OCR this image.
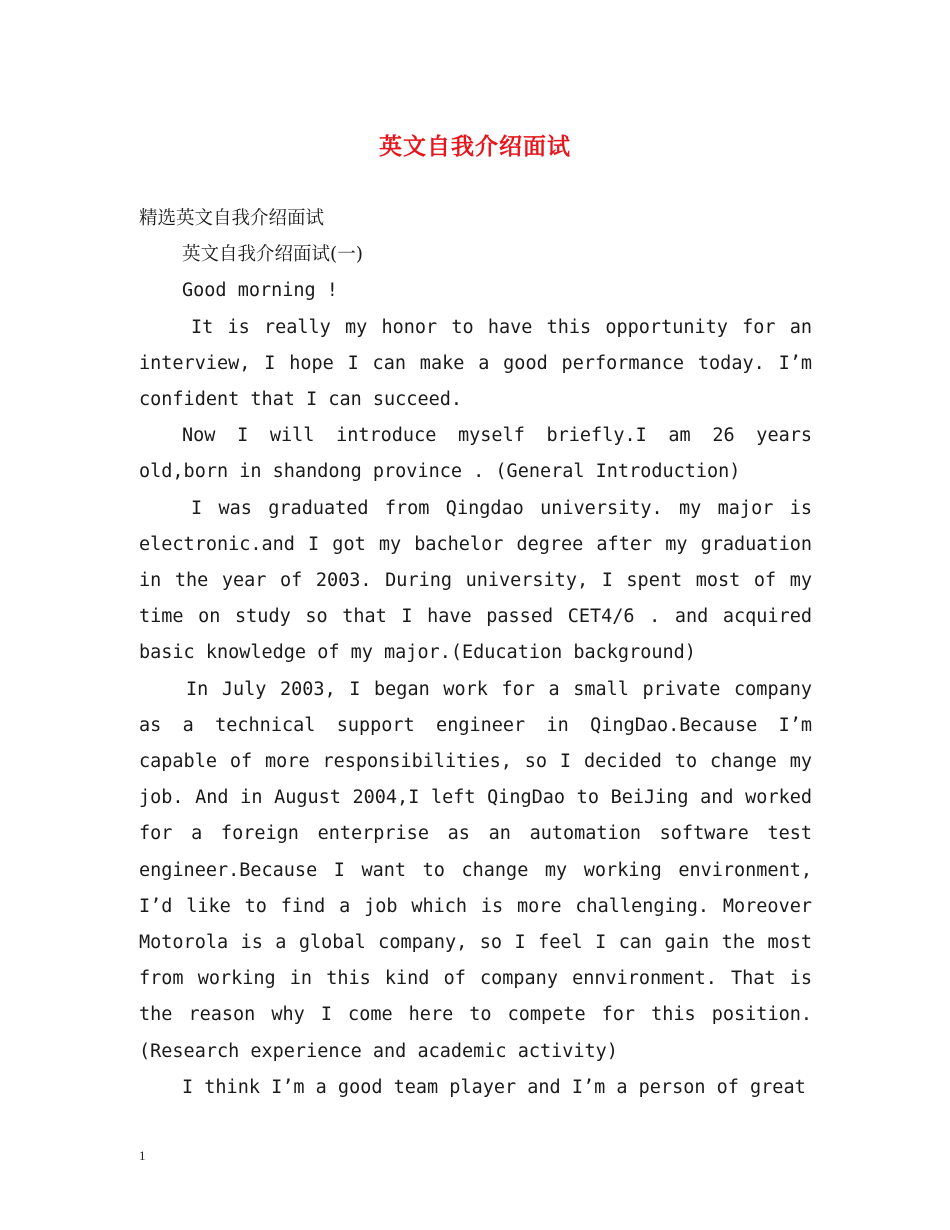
英文自我介绍面试

精选英文自我介绍面试

英文自我介绍面试(一)

Good morning !

It is really my honor to have this opportunity for an interview, I hope I can make a good performance today. I’m confident that I can succeed.

Now I will introduce myself briefly.I am 26 years old,born in shandong province . (General Introduction)

I was graduated from Qingdao university. my major is electronic.and I got my bachelor degree after my graduation in the year of 2003. During university, I spent most of my time on study so that I have passed CET4/6 . and acquired basic knowledge of my major.(Education background)

In July 2003, I began work for a small private company as a technical support engineer in QingDao.Because I’m capable of more responsibilities, so I decided to change my job. And in August 2004,I left QingDao to BeiJing and worked for a foreign enterprise as an automation software test engineer.Because I want to change my working environment, I’d like to find a job which is more challenging. Moreover Motorola is a global company, so I feel I can gain the most from working in this kind of company ennvironment. That is the reason why I come here to compete for this position. (Research experience and academic activity)

I think I’m a good team player and I’m a person of great

1
